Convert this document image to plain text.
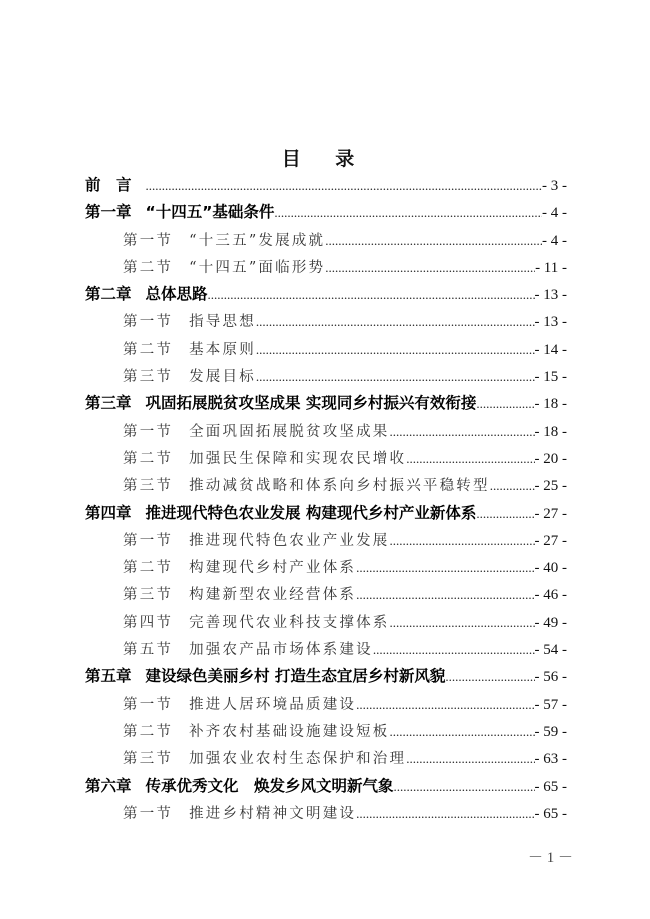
目 录
前　言 .....	- 3 -
第一章 “十四五”基础条件 .....	- 4 -
第一节 “十三五”发展成就 .....	- 4 -
第二节 “十四五”面临形势 .....	- 11 -
第二章 总体思路 .....	- 13 -
第一节 指导思想 .....	- 13 -
第二节 基本原则 .....	- 14 -
第三节 发展目标 .....	- 15 -
第三章 巩固拓展脱贫攻坚成果 实现同乡村振兴有效衔接 .....	- 18 -
第一节 全面巩固拓展脱贫攻坚成果 .....	- 18 -
第二节 加强民生保障和实现农民增收 .....	- 20 -
第三节 推动减贫战略和体系向乡村振兴平稳转型 .....	- 25 -
第四章 推进现代特色农业发展 构建现代乡村产业新体系 .....	- 27 -
第一节 推进现代特色农业产业发展 .....	- 27 -
第二节 构建现代乡村产业体系 .....	- 40 -
第三节 构建新型农业经营体系 .....	- 46 -
第四节 完善现代农业科技支撑体系 .....	- 49 -
第五节 加强农产品市场体系建设 .....	- 54 -
第五章 建设绿色美丽乡村 打造生态宜居乡村新风貌 .....	- 56 -
第一节 推进人居环境品质建设 .....	- 57 -
第二节 补齐农村基础设施建设短板 .....	- 59 -
第三节 加强农业农村生态保护和治理 .....	- 63 -
第六章 传承优秀文化　焕发乡风文明新气象 .....	- 65 -
第一节 推进乡村精神文明建设 .....	- 65 -
－ 1 －
